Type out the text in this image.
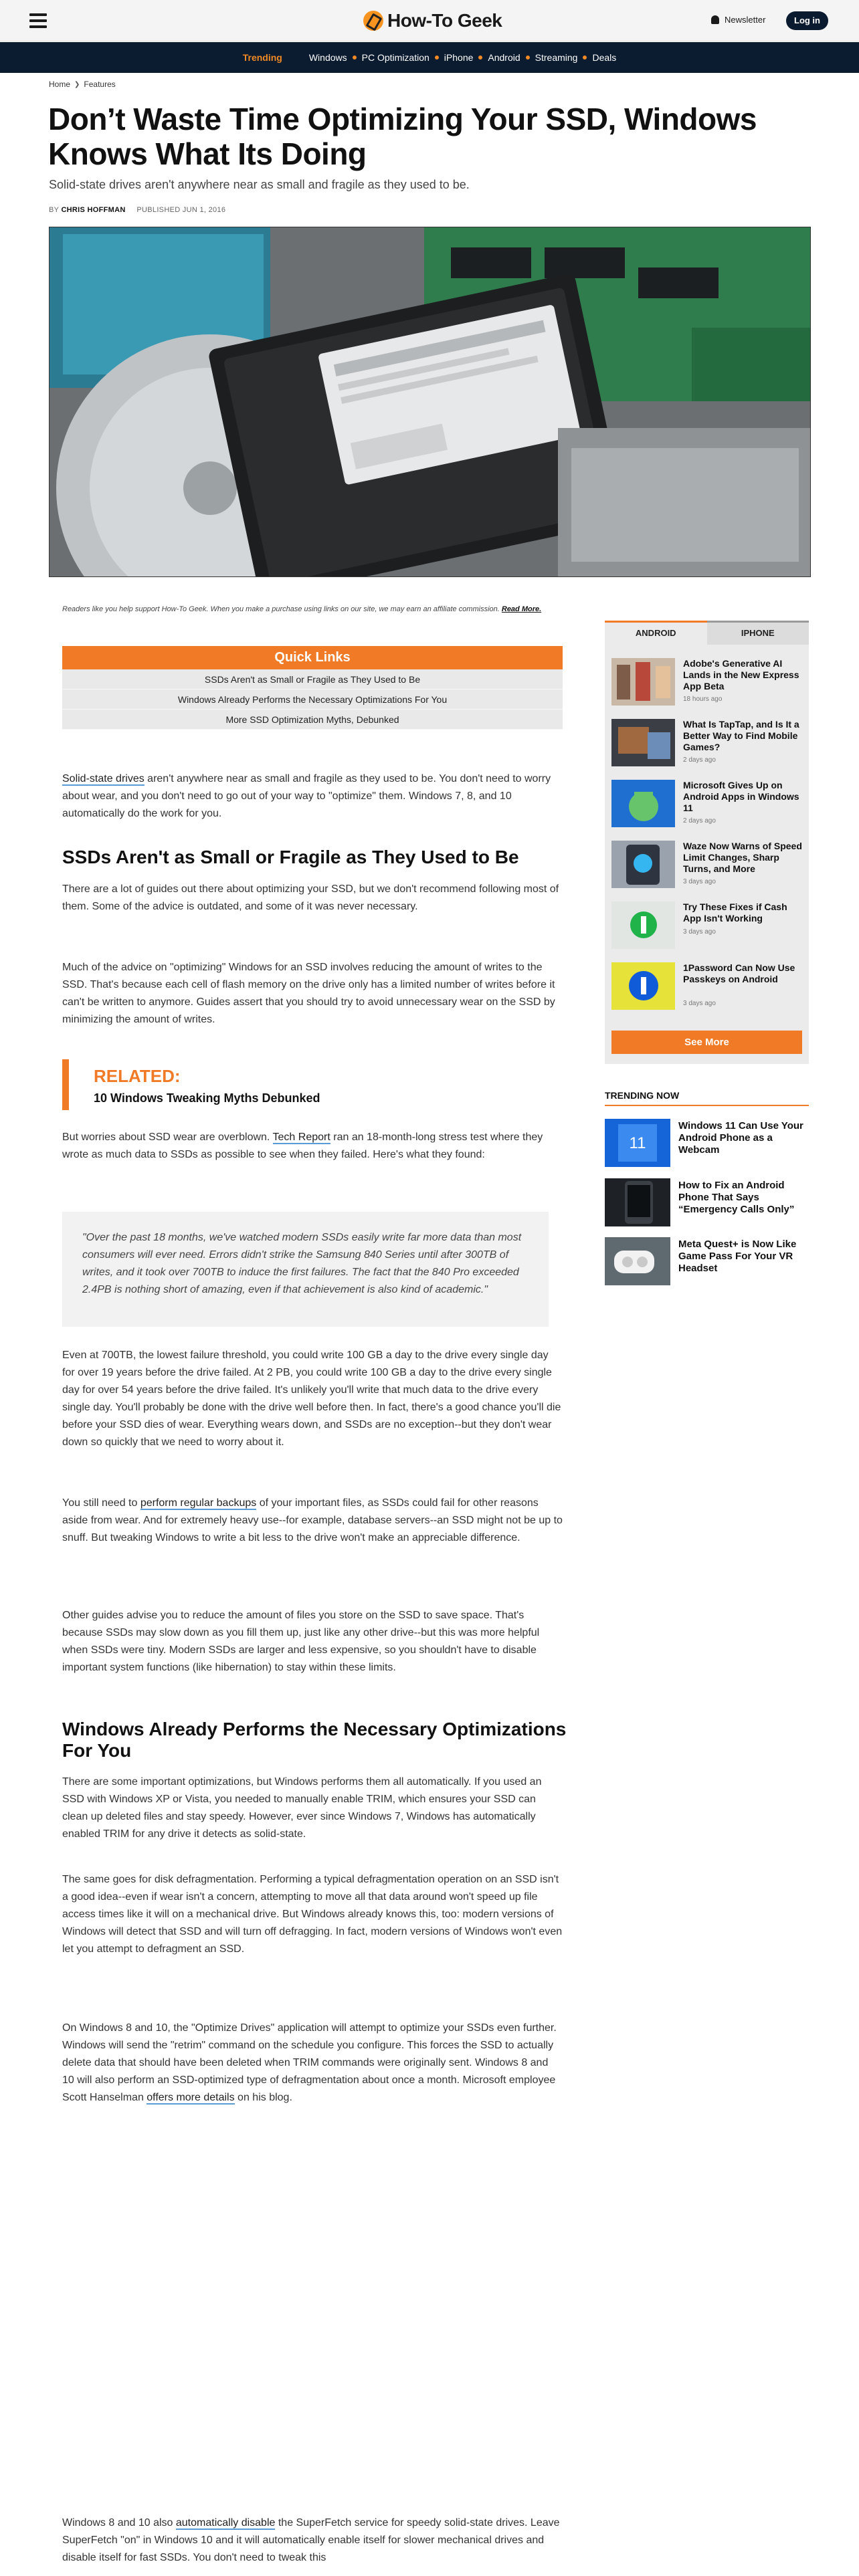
How-To Geek	Newsletter	Log in
Trending	Windows PC Optimization iPhone Android Streaming Deals
Home ❯ Features
Don’t Waste Time Optimizing Your SSD, Windows Knows What Its Doing
Solid-state drives aren't anywhere near as small and fragile as they used to be.
BY CHRIS HOFFMAN PUBLISHED JUN 1, 2016
Readers like you help support How-To Geek. When you make a purchase using links on our site, we may earn an affiliate commission. Read More.
Quick Links
SSDs Aren't as Small or Fragile as They Used to Be
Windows Already Performs the Necessary Optimizations For You
More SSD Optimization Myths, Debunked
Solid-state drives aren't anywhere near as small and fragile as they used to be. You don't need to worry about wear, and you don't need to go out of your way to "optimize" them. Windows 7, 8, and 10 automatically do the work for you.
SSDs Aren't as Small or Fragile as They Used to Be
There are a lot of guides out there about optimizing your SSD, but we don't recommend following most of them. Some of the advice is outdated, and some of it was never necessary.
Much of the advice on "optimizing" Windows for an SSD involves reducing the amount of writes to the SSD. That's because each cell of flash memory on the drive only has a limited number of writes before it can't be written to anymore. Guides assert that you should try to avoid unnecessary wear on the SSD by minimizing the amount of writes.
RELATED:
10 Windows Tweaking Myths Debunked
But worries about SSD wear are overblown. Tech Report ran an 18-month-long stress test where they wrote as much data to SSDs as possible to see when they failed. Here's what they found:

"Over the past 18 months, we've watched modern SSDs easily write far more data than most consumers will ever need. Errors didn't strike the Samsung 840 Series until after 300TB of writes, and it took over 700TB to induce the first failures. The fact that the 840 Pro exceeded 2.4PB is nothing short of amazing, even if that achievement is also kind of academic."

Even at 700TB, the lowest failure threshold, you could write 100 GB a day to the drive every single day for over 19 years before the drive failed. At 2 PB, you could write 100 GB a day to the drive every single day for over 54 years before the drive failed. It's unlikely you'll write that much data to the drive every single day. You'll probably be done with the drive well before then. In fact, there's a good chance you'll die before your SSD dies of wear. Everything wears down, and SSDs are no exception--but they don't wear down so quickly that we need to worry about it.
You still need to perform regular backups of your important files, as SSDs could fail for other reasons aside from wear. And for extremely heavy use--for example, database servers--an SSD might not be up to snuff. But tweaking Windows to write a bit less to the drive won't make an appreciable difference.
Other guides advise you to reduce the amount of files you store on the SSD to save space. That's because SSDs may slow down as you fill them up, just like any other drive--but this was more helpful when SSDs were tiny. Modern SSDs are larger and less expensive, so you shouldn't have to disable important system functions (like hibernation) to stay within these limits.
Windows Already Performs the Necessary Optimizations For You
There are some important optimizations, but Windows performs them all automatically. If you used an SSD with Windows XP or Vista, you needed to manually enable TRIM, which ensures your SSD can clean up deleted files and stay speedy. However, ever since Windows 7, Windows has automatically enabled TRIM for any drive it detects as solid-state.
The same goes for disk defragmentation. Performing a typical defragmentation operation on an SSD isn't a good idea--even if wear isn't a concern, attempting to move all that data around won't speed up file access times like it will on a mechanical drive. But Windows already knows this, too: modern versions of Windows will detect that SSD and will turn off defragging. In fact, modern versions of Windows won't even let you attempt to defragment an SSD.
On Windows 8 and 10, the "Optimize Drives" application will attempt to optimize your SSDs even further. Windows will send the "retrim" command on the schedule you configure. This forces the SSD to actually delete data that should have been deleted when TRIM commands were originally sent. Windows 8 and 10 will also perform an SSD-optimized type of defragmentation about once a month. Microsoft employee Scott Hanselman offers more details on his blog.
Windows 8 and 10 also automatically disable the SuperFetch service for speedy solid-state drives. Leave SuperFetch "on" in Windows 10 and it will automatically enable itself for slower mechanical drives and disable itself for fast SSDs. You don't need to tweak this
ANDROID	IPHONE
Adobe's Generative AI Lands in the New Express App Beta
18 hours ago
What Is TapTap, and Is It a Better Way to Find Mobile Games?
2 days ago
Microsoft Gives Up on Android Apps in Windows 11
2 days ago
Waze Now Warns of Speed Limit Changes, Sharp Turns, and More
3 days ago
Try These Fixes if Cash App Isn't Working
3 days ago
1Password Can Now Use Passkeys on Android
3 days ago
See More
TRENDING NOW
11
Windows 11 Can Use Your Android Phone as a Webcam
How to Fix an Android Phone That Says “Emergency Calls Only”
Meta Quest+ is Now Like Game Pass For Your VR Headset
